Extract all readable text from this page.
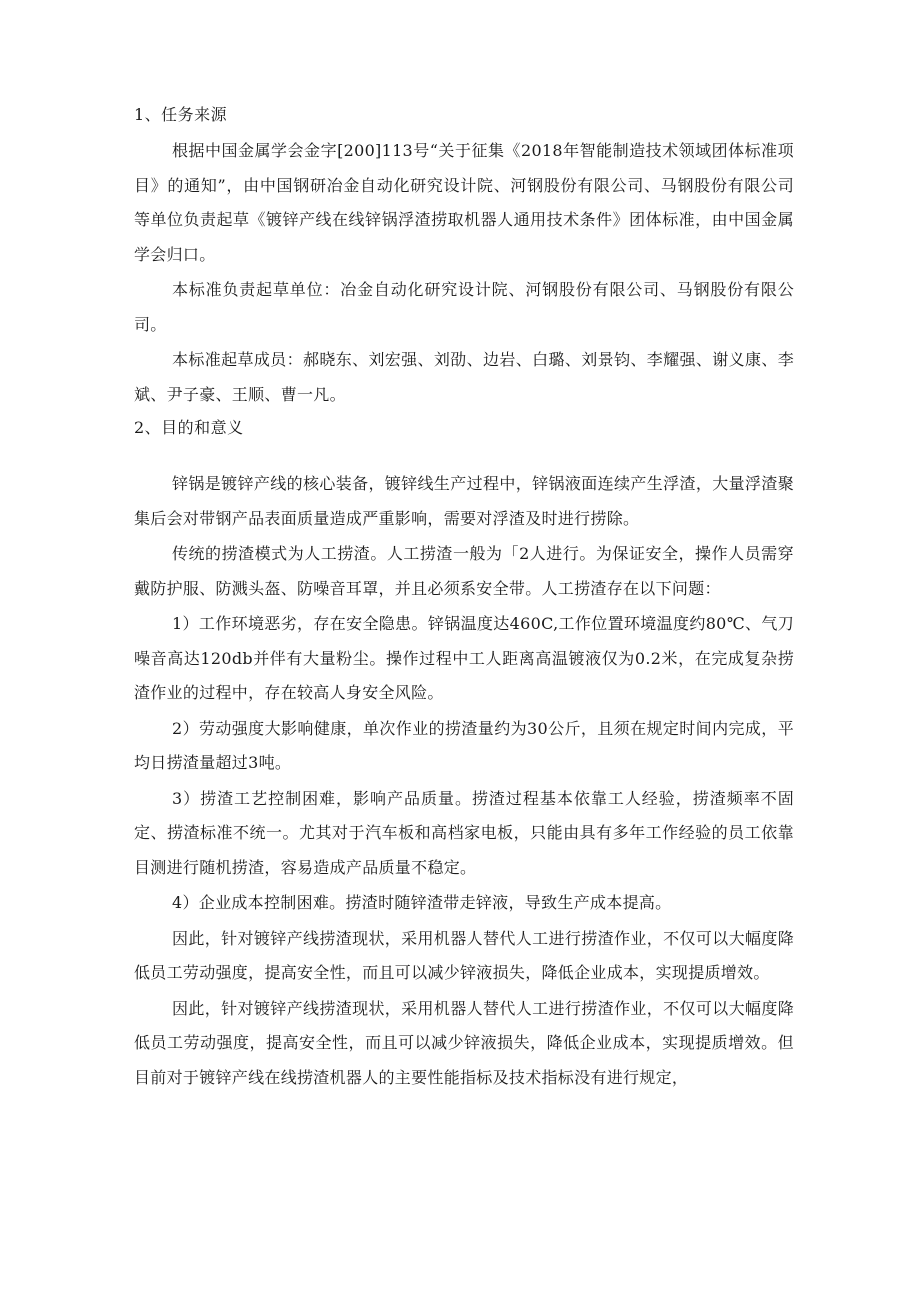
1、任务来源

根据中国金属学会金字[200]113号“关于征集《2018年智能制造技术领域团体标准项目》的通知”，由中国钢研冶金自动化研究设计院、河钢股份有限公司、马钢股份有限公司等单位负责起草《镀锌产线在线锌锅浮渣捞取机器人通用技术条件》团体标准，由中国金属学会归口。

本标准负责起草单位：冶金自动化研究设计院、河钢股份有限公司、马钢股份有限公司。

本标准起草成员：郝晓东、刘宏强、刘劭、边岩、白璐、刘景钧、李耀强、谢义康、李斌、尹子豪、王顺、曹一凡。

2、目的和意义

锌锅是镀锌产线的核心装备，镀锌线生产过程中，锌锅液面连续产生浮渣，大量浮渣聚集后会对带钢产品表面质量造成严重影响，需要对浮渣及时进行捞除。

传统的捞渣模式为人工捞渣。人工捞渣一般为「2人进行。为保证安全，操作人员需穿戴防护服、防溅头盔、防噪音耳罩，并且必须系安全带。人工捞渣存在以下问题：

1）工作环境恶劣，存在安全隐患。锌锅温度达460C,工作位置环境温度约80℃、气刀噪音高达120db并伴有大量粉尘。操作过程中工人距离高温镀液仅为0.2米，在完成复杂捞渣作业的过程中，存在较高人身安全风险。

2）劳动强度大影响健康，单次作业的捞渣量约为30公斤，且须在规定时间内完成，平均日捞渣量超过3吨。

3）捞渣工艺控制困难，影响产品质量。捞渣过程基本依靠工人经验，捞渣频率不固定、捞渣标准不统一。尤其对于汽车板和高档家电板，只能由具有多年工作经验的员工依靠目测进行随机捞渣，容易造成产品质量不稳定。

4）企业成本控制困难。捞渣时随锌渣带走锌液，导致生产成本提高。

因此，针对镀锌产线捞渣现状，采用机器人替代人工进行捞渣作业，不仅可以大幅度降低员工劳动强度，提高安全性，而且可以减少锌液损失，降低企业成本，实现提质增效。

因此，针对镀锌产线捞渣现状，采用机器人替代人工进行捞渣作业，不仅可以大幅度降低员工劳动强度，提高安全性，而且可以减少锌液损失，降低企业成本，实现提质增效。但目前对于镀锌产线在线捞渣机器人的主要性能指标及技术指标没有进行规定，
